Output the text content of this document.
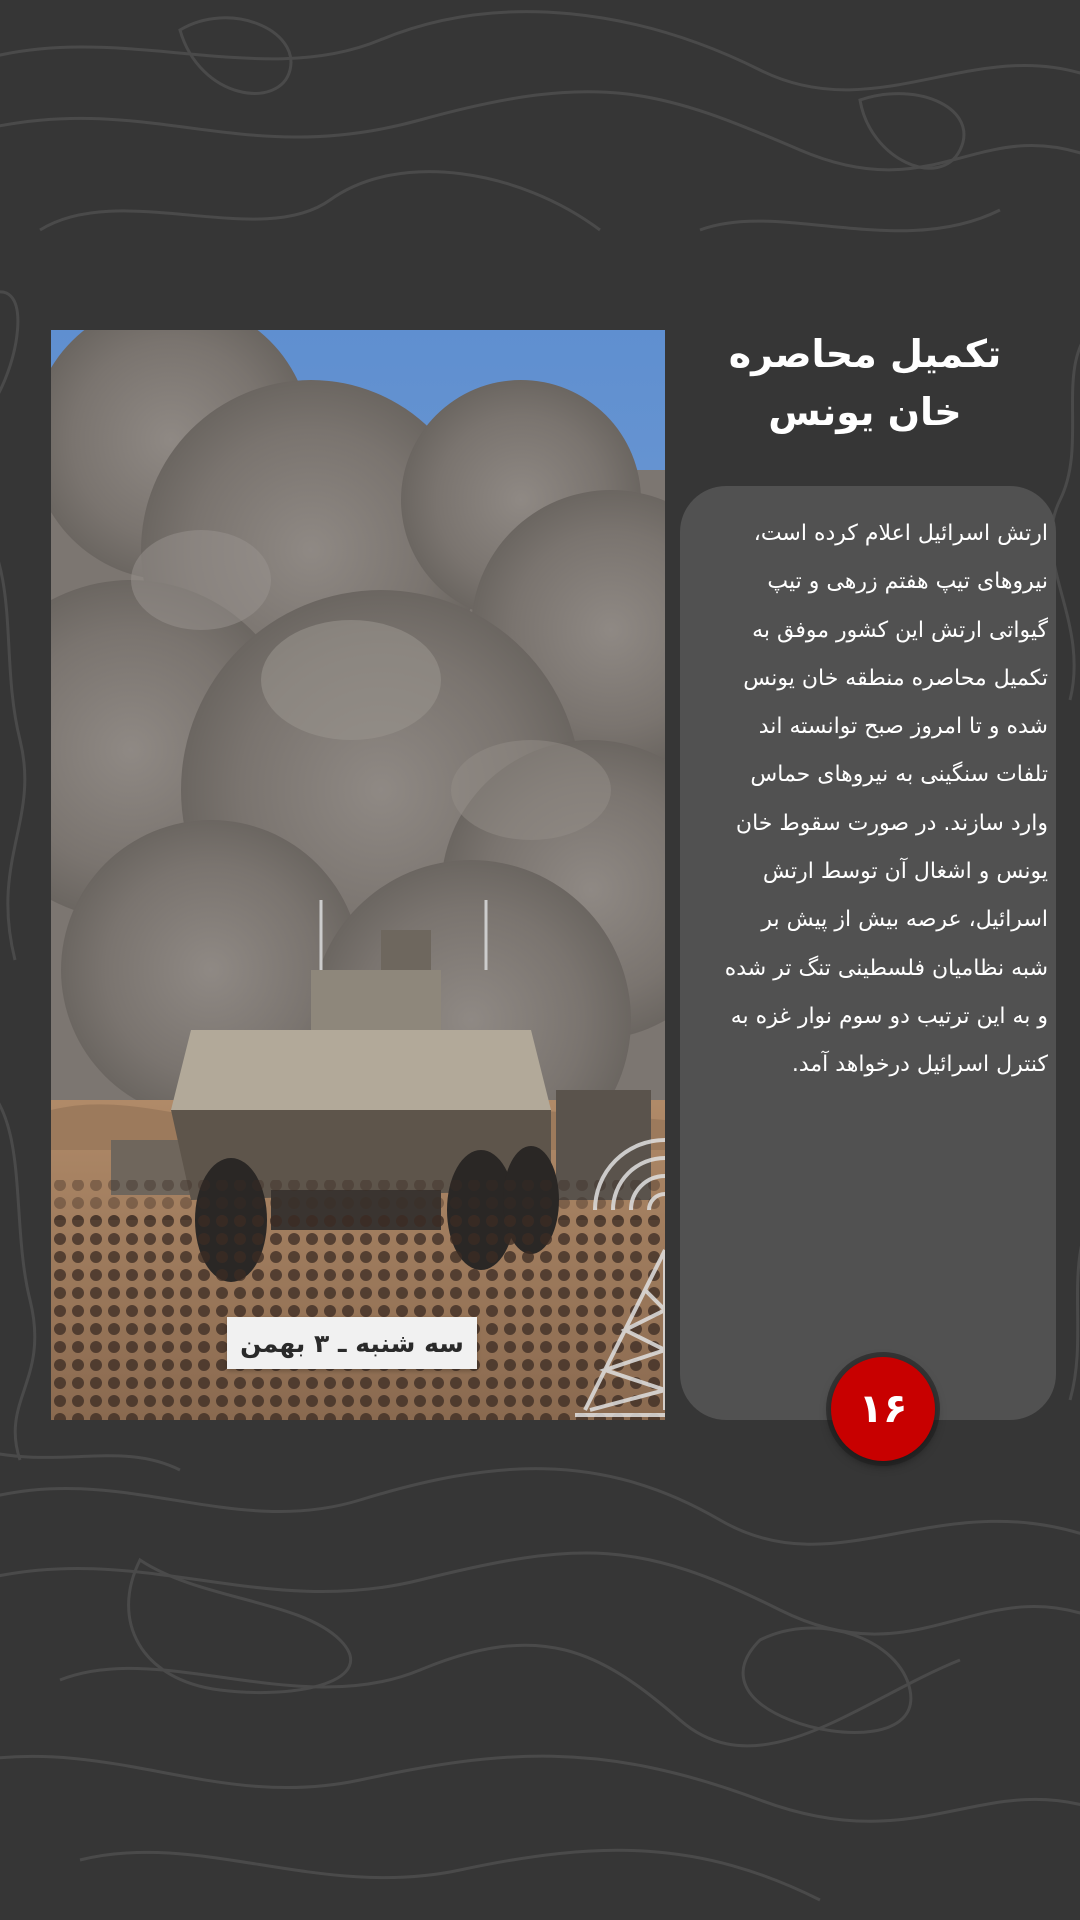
سه شنبه ـ ۳ بهمن
تکمیل محاصره
خان یونس
ارتش اسرائیل اعلام کرده است،
نیروهای تیپ هفتم زرهی و تیپ
گیواتی ارتش این کشور موفق به
تکمیل محاصره منطقه خان یونس
شده و تا امروز صبح توانسته اند
تلفات سنگینی به نیروهای حماس
وارد سازند. در صورت سقوط خان
یونس و اشغال آن توسط ارتش
اسرائیل، عرصه بیش از پیش بر
شبه نظامیان فلسطینی تنگ تر شده
و به این ترتیب دو سوم نوار غزه به
کنترل اسرائیل درخواهد آمد.
۱۶
